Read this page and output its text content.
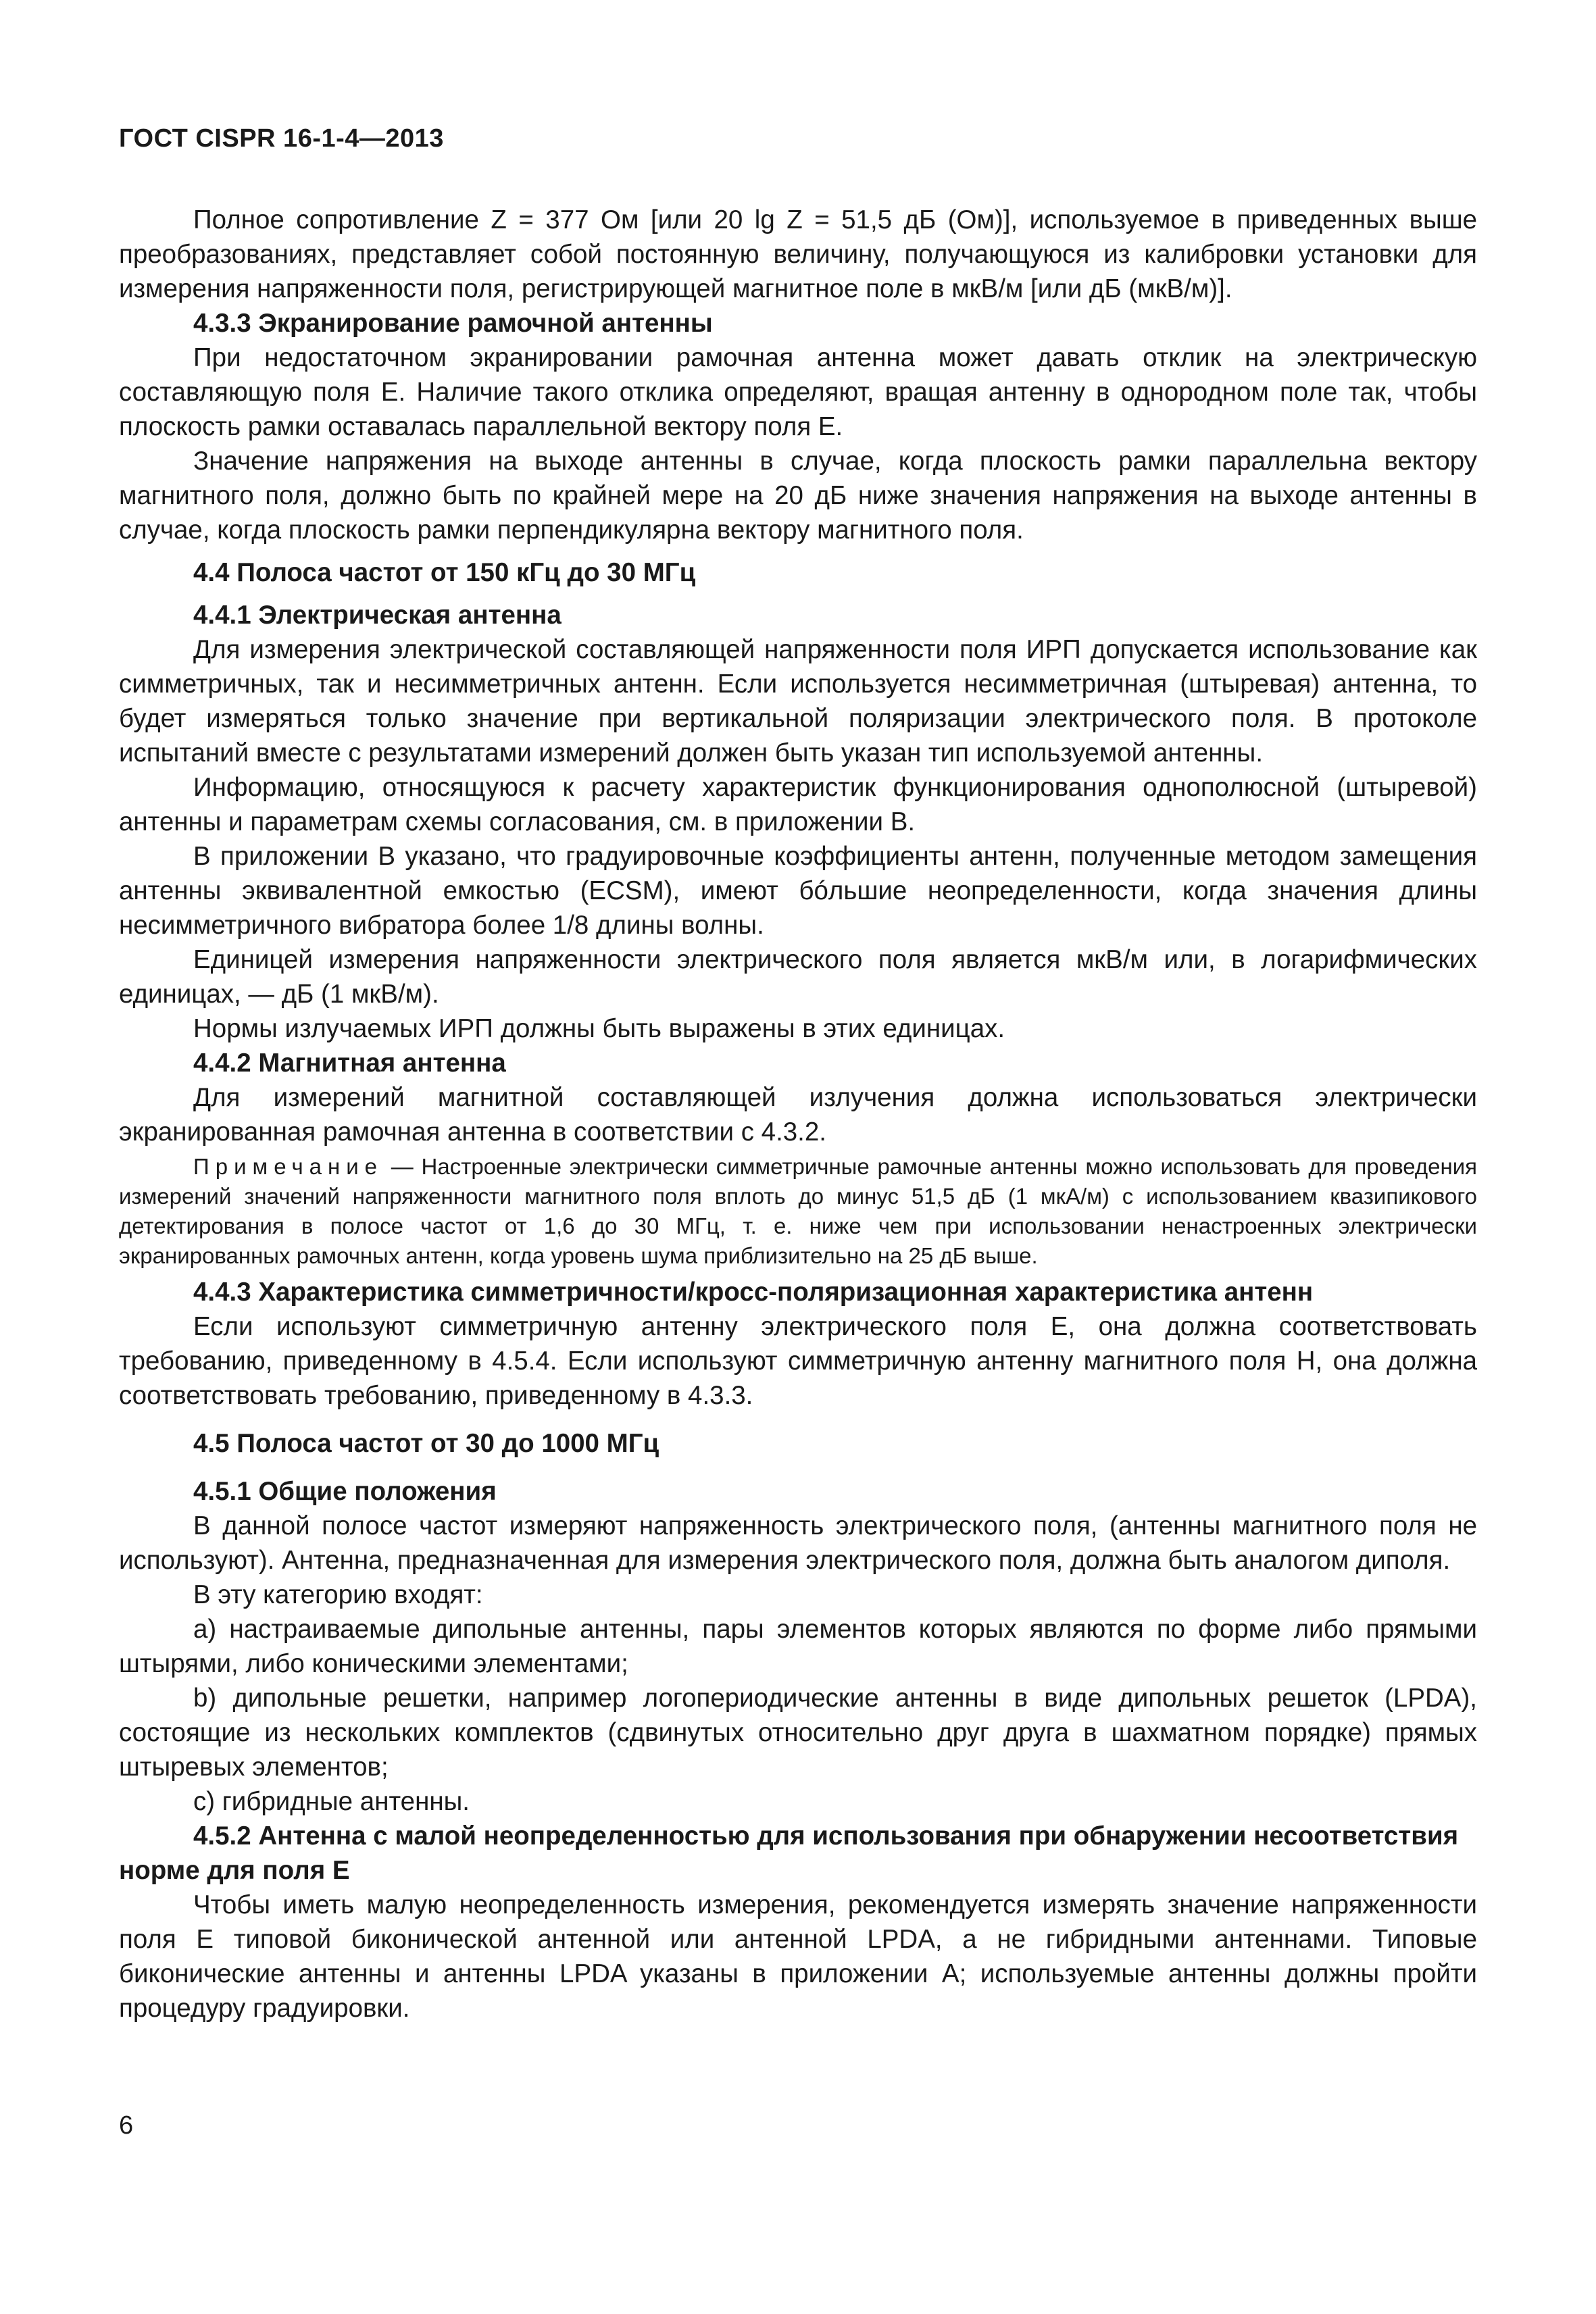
ГОСТ CISPR 16-1-4—2013

Полное сопротивление Z = 377 Ом [или 20 lg Z = 51,5 дБ (Ом)], используемое в приведенных выше преобразованиях, представляет собой постоянную величину, получающуюся из калибровки установки для измерения напряженности поля, регистрирующей магнитное поле в мкВ/м [или дБ (мкВ/м)].

4.3.3 Экранирование рамочной антенны

При недостаточном экранировании рамочная антенна может давать отклик на электрическую составляющую поля E. Наличие такого отклика определяют, вращая антенну в однородном поле так, чтобы плоскость рамки оставалась параллельной вектору поля E.

Значение напряжения на выходе антенны в случае, когда плоскость рамки параллельна вектору магнитного поля, должно быть по крайней мере на 20 дБ ниже значения напряжения на выходе антенны в случае, когда плоскость рамки перпендикулярна вектору магнитного поля.

4.4 Полоса частот от 150 кГц до 30 МГц

4.4.1 Электрическая антенна

Для измерения электрической составляющей напряженности поля ИРП допускается использование как симметричных, так и несимметричных антенн. Если используется несимметричная (штыревая) антенна, то будет измеряться только значение при вертикальной поляризации электрического поля. В протоколе испытаний вместе с результатами измерений должен быть указан тип используемой антенны.

Информацию, относящуюся к расчету характеристик функционирования однополюсной (штыревой) антенны и параметрам схемы согласования, см. в приложении В.

В приложении В указано, что градуировочные коэффициенты антенн, полученные методом замещения антенны эквивалентной емкостью (ECSM), имеют бóльшие неопределенности, когда значения длины несимметричного вибратора более 1/8 длины волны.

Единицей измерения напряженности электрического поля является мкВ/м или, в логарифмических единицах, — дБ (1 мкВ/м).

Нормы излучаемых ИРП должны быть выражены в этих единицах.

4.4.2 Магнитная антенна

Для измерений магнитной составляющей излучения должна использоваться электрически экранированная рамочная антенна в соответствии с 4.3.2.

Примечание — Настроенные электрически симметричные рамочные антенны можно использовать для проведения измерений значений напряженности магнитного поля вплоть до минус 51,5 дБ (1 мкА/м) с использованием квазипикового детектирования в полосе частот от 1,6 до 30 МГц, т. е. ниже чем при использовании ненастроенных электрически экранированных рамочных антенн, когда уровень шума приблизительно на 25 дБ выше.

4.4.3 Характеристика симметричности/кросс-поляризационная характеристика антенн

Если используют симметричную антенну электрического поля E, она должна соответствовать требованию, приведенному в 4.5.4. Если используют симметричную антенну магнитного поля H, она должна соответствовать требованию, приведенному в 4.3.3.

4.5 Полоса частот от 30 до 1000 МГц

4.5.1 Общие положения

В данной полосе частот измеряют напряженность электрического поля, (антенны магнитного поля не используют). Антенна, предназначенная для измерения электрического поля, должна быть аналогом диполя.

В эту категорию входят:

a) настраиваемые дипольные антенны, пары элементов которых являются по форме либо прямыми штырями, либо коническими элементами;

b) дипольные решетки, например логопериодические антенны в виде дипольных решеток (LPDA), состоящие из нескольких комплектов (сдвинутых относительно друг друга в шахматном порядке) прямых штыревых элементов;

c) гибридные антенны.

4.5.2 Антенна с малой неопределенностью для использования при обнаружении несоответствия норме для поля E

Чтобы иметь малую неопределенность измерения, рекомендуется измерять значение напряженности поля E типовой биконической антенной или антенной LPDA, а не гибридными антеннами. Типовые биконические антенны и антенны LPDA указаны в приложении А; используемые антенны должны пройти процедуру градуировки.

6
